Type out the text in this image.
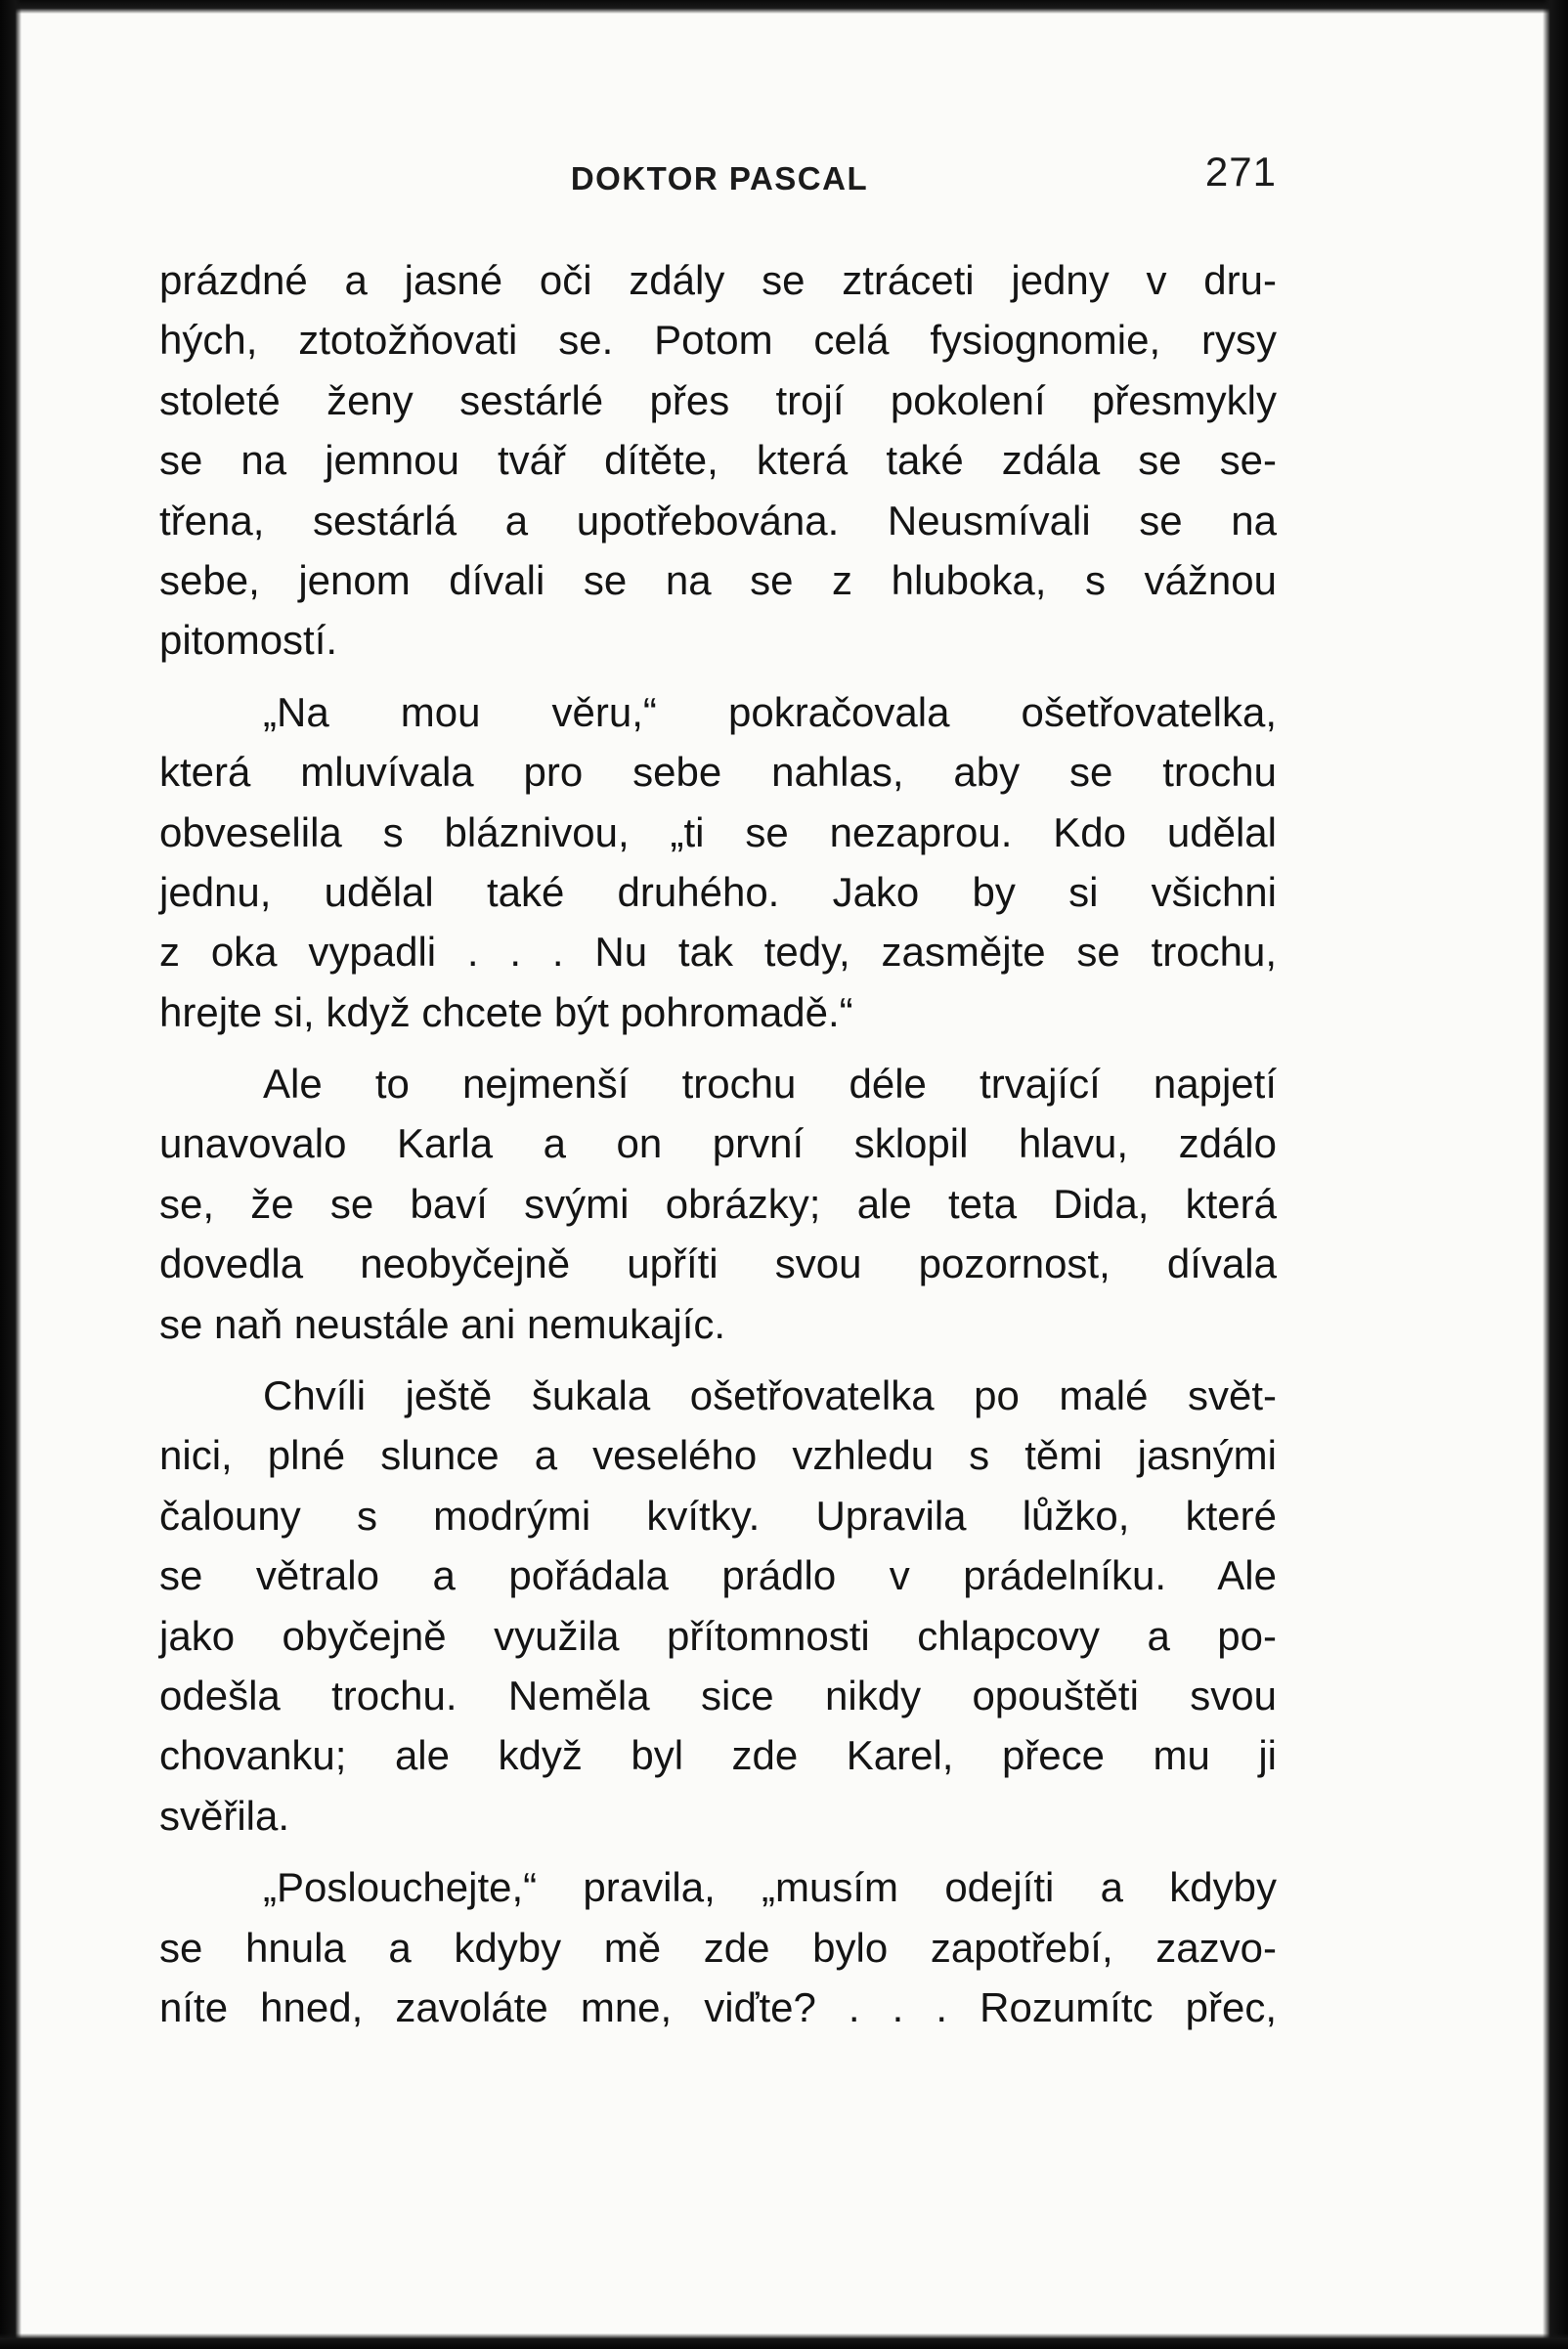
DOKTOR PASCAL	271
prázdné a jasné oči zdály se ztráceti jedny v dru-
hých, ztotožňovati se. Potom celá fysiognomie, rysy
stoleté ženy sestárlé přes trojí pokolení přesmykly
se na jemnou tvář dítěte, která také zdála se se-
třena, sestárlá a upotřebována. Neusmívali se na
sebe, jenom dívali se na se z hluboka, s vážnou
pitomostí.
„Na mou věru,“ pokračovala ošetřovatelka,
která mluvívala pro sebe nahlas, aby se trochu
obveselila s bláznivou, „ti se nezaprou. Kdo udělal
jednu, udělal také druhého. Jako by si všichni
z oka vypadli . . . Nu tak tedy, zasmějte se trochu,
hrejte si, když chcete být pohromadě.“
Ale to nejmenší trochu déle trvající napjetí
unavovalo Karla a on první sklopil hlavu, zdálo
se, že se baví svými obrázky; ale teta Dida, která
dovedla neobyčejně upříti svou pozornost, dívala
se naň neustále ani nemukajíc.
Chvíli ještě šukala ošetřovatelka po malé svět-
nici, plné slunce a veselého vzhledu s těmi jasnými
čalouny s modrými kvítky. Upravila lůžko, které
se větralo a pořádala prádlo v prádelníku. Ale
jako obyčejně využila přítomnosti chlapcovy a po-
odešla trochu. Neměla sice nikdy opouštěti svou
chovanku; ale když byl zde Karel, přece mu ji
svěřila.
„Poslouchejte,“ pravila, „musím odejíti a kdyby
se hnula a kdyby mě zde bylo zapotřebí, zazvo-
níte hned, zavoláte mne, viďte? . . . Rozumítc přec,
